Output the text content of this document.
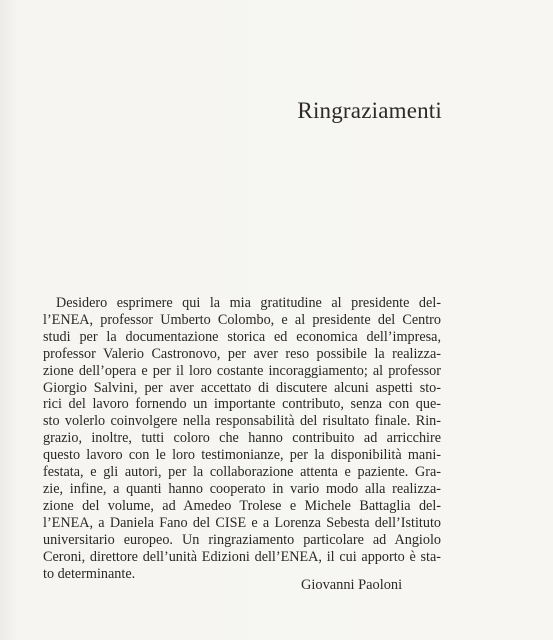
Ringraziamenti

Desidero esprimere qui la mia gratitudine al presidente del-
l’ENEA, professor Umberto Colombo, e al presidente del Centro
studi per la documentazione storica ed economica dell’impresa,
professor Valerio Castronovo, per aver reso possibile la realizza-
zione dell’opera e per il loro costante incoraggiamento; al professor
Giorgio Salvini, per aver accettato di discutere alcuni aspetti sto-
rici del lavoro fornendo un importante contributo, senza con que-
sto volerlo coinvolgere nella responsabilità del risultato finale. Rin-
grazio, inoltre, tutti coloro che hanno contribuito ad arricchire
questo lavoro con le loro testimonianze, per la disponibilità mani-
festata, e gli autori, per la collaborazione attenta e paziente. Gra-
zie, infine, a quanti hanno cooperato in vario modo alla realizza-
zione del volume, ad Amedeo Trolese e Michele Battaglia del-
l’ENEA, a Daniela Fano del CISE e a Lorenza Sebesta dell’Istituto
universitario europeo. Un ringraziamento particolare ad Angiolo
Ceroni, direttore dell’unità Edizioni dell’ENEA, il cui apporto è sta-
to determinante.

Giovanni Paoloni
